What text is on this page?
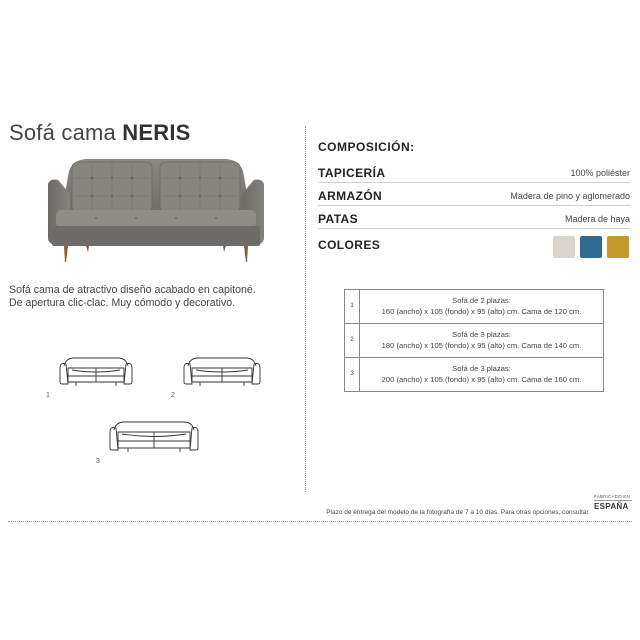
Sofá cama NERIS
Sofá cama de atractivo diseño acabado en capitoné.
De apertura clic-clac. Muy cómodo y decorativo.
1	2
3
COMPOSICIÓN:
TAPICERÍA	100% poliéster
ARMAZÓN	Madera de pino y aglomerado
PATAS	Madera de haya
COLORES
1	Sofá de 2 plazas:
160 (ancho) x 105 (fondo) x 95 (alto) cm. Cama de 120 cm.

2	Sofá de 3 plazas:
180 (ancho) x 105 (fondo) x 95 (alto) cm. Cama de 140 cm.

3	Sofá de 3 plazas:
200 (ancho) x 105 (fondo) x 95 (alto) cm. Cama de 160 cm.
FABRICADO EN
ESPAÑA
Plazo de entrega del modelo de la fotografía de 7 a 10 días. Para otras opciones, consultar.
